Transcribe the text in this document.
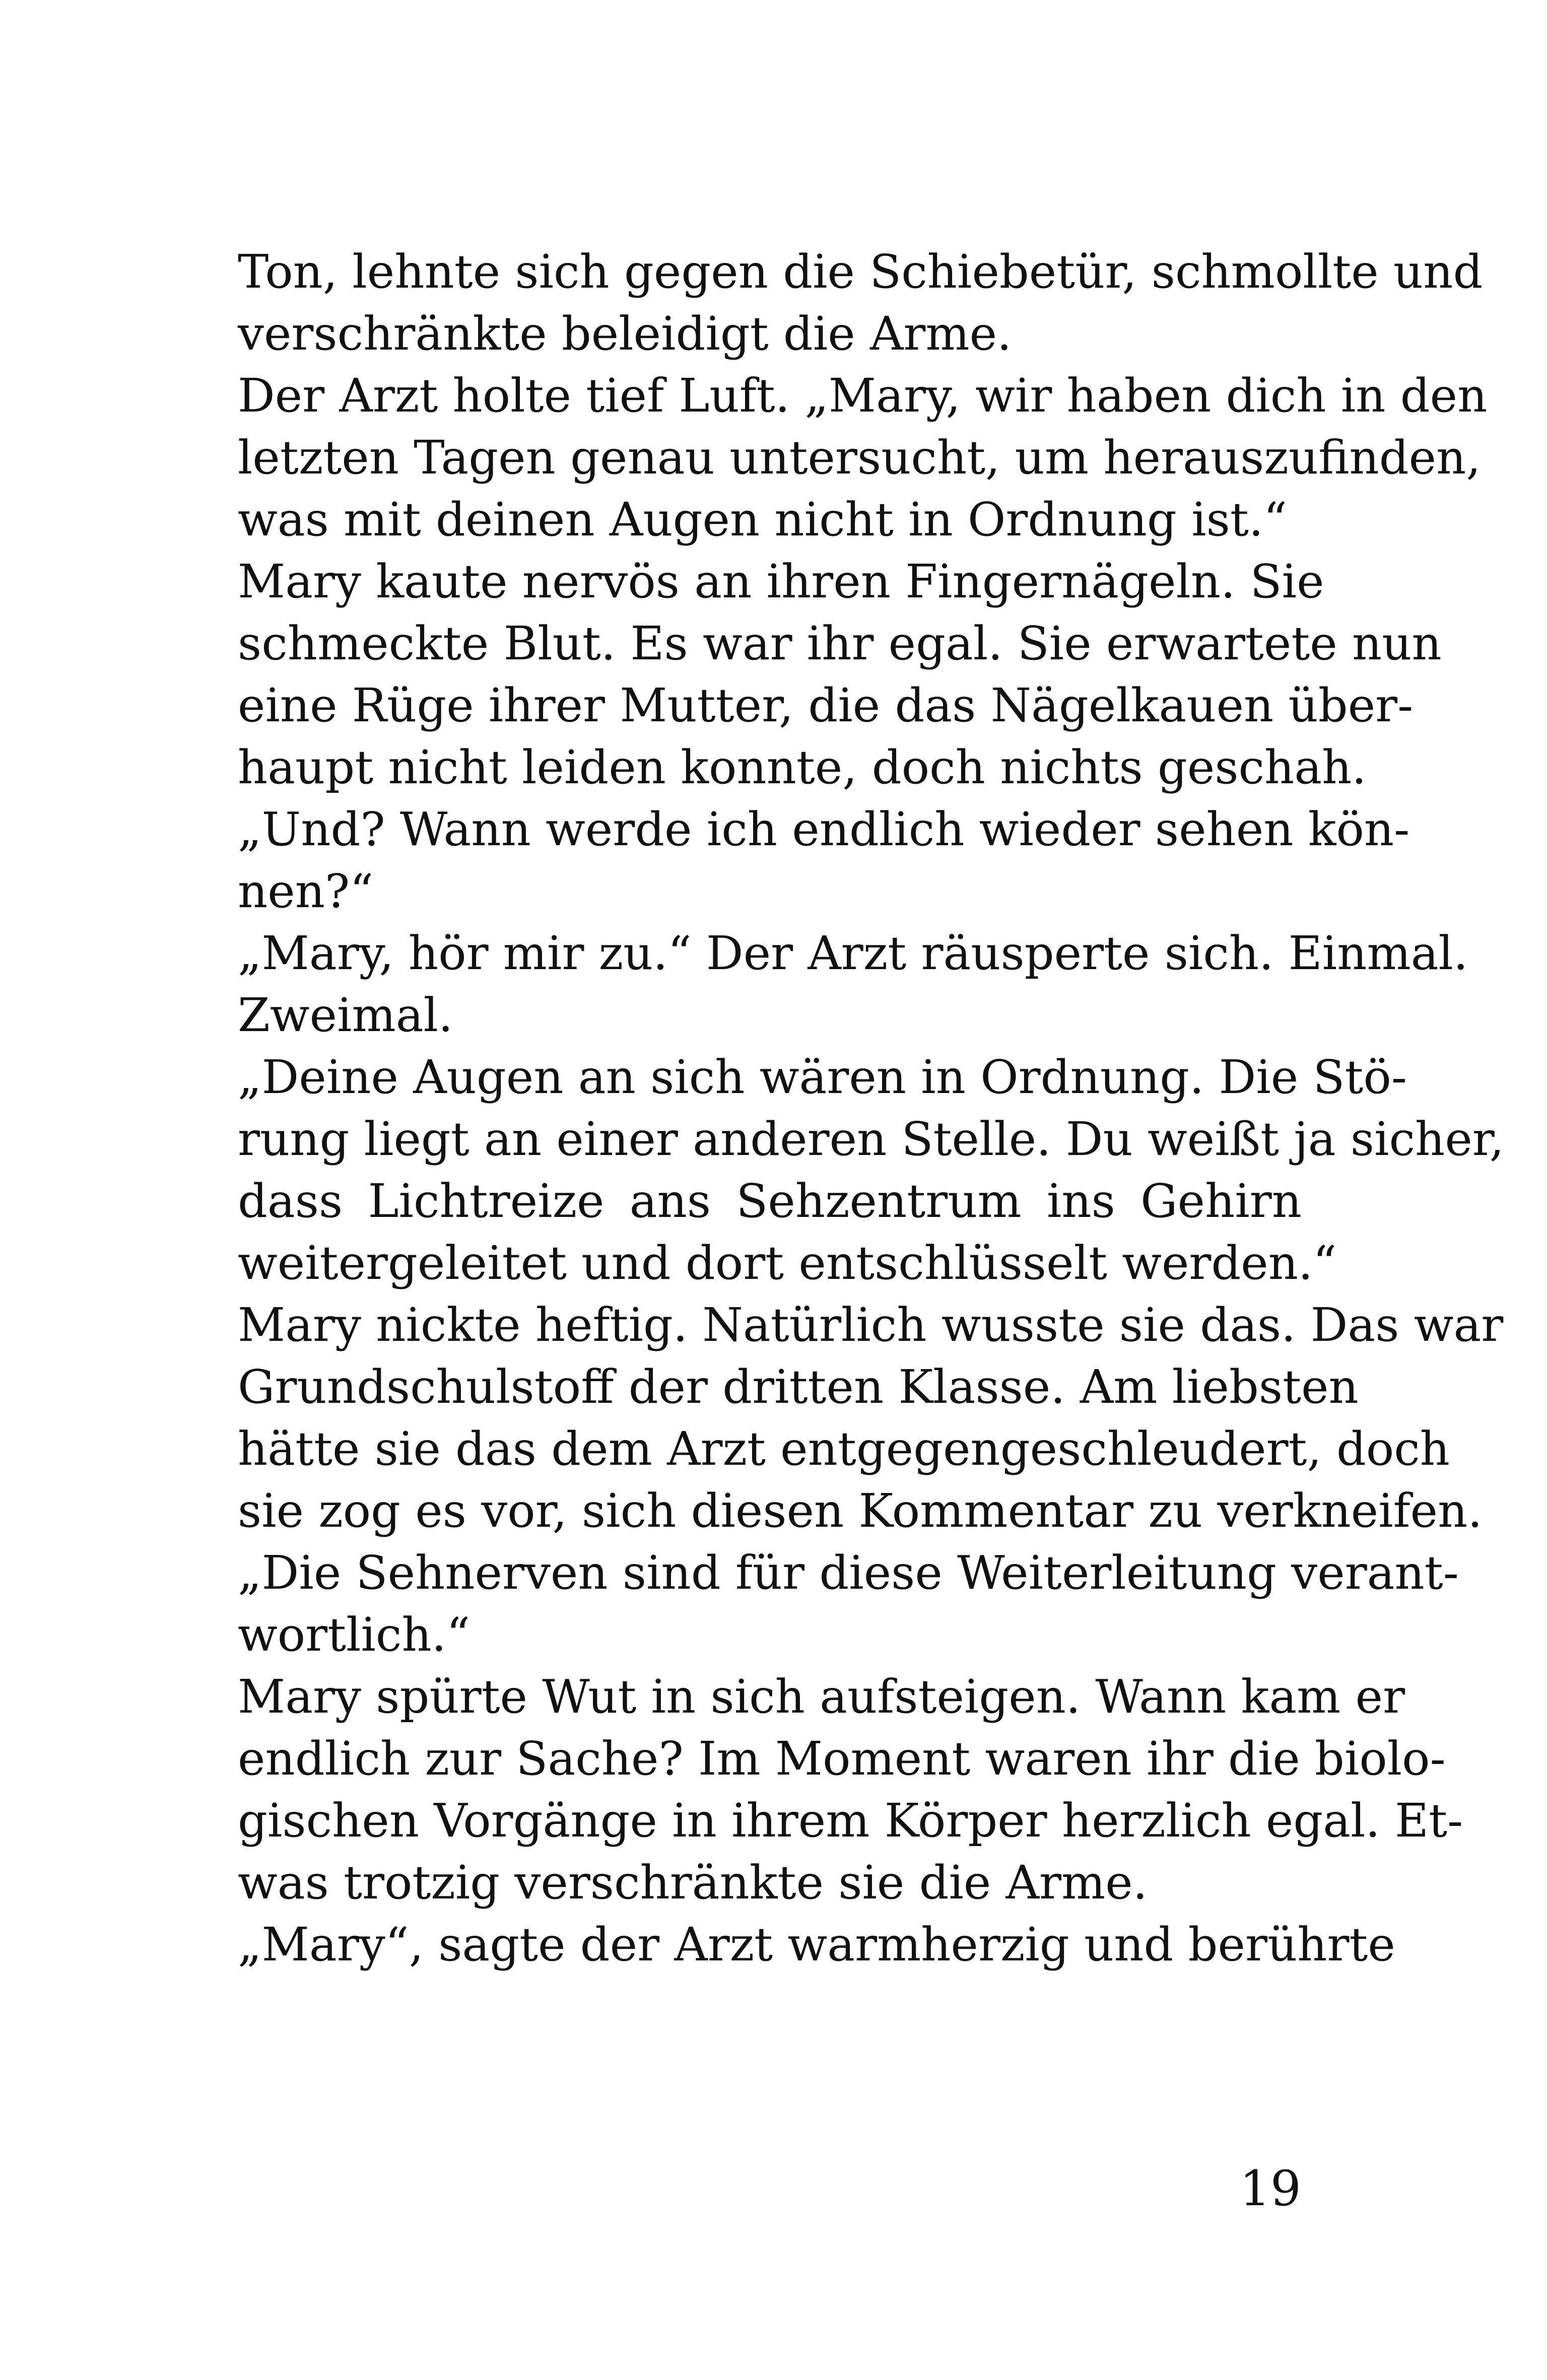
Ton, lehnte sich gegen die Schiebetür, schmollte und
verschränkte beleidigt die Arme.
Der Arzt holte tief Luft. „Mary, wir haben dich in den
letzten Tagen genau untersucht, um herauszufinden,
was mit deinen Augen nicht in Ordnung ist.“
Mary kaute nervös an ihren Fingernägeln. Sie
schmeckte Blut. Es war ihr egal. Sie erwartete nun
eine Rüge ihrer Mutter, die das Nägelkauen über-
haupt nicht leiden konnte, doch nichts geschah.
„Und? Wann werde ich endlich wieder sehen kön-
nen?“
„Mary, hör mir zu.“ Der Arzt räusperte sich. Einmal.
Zweimal.
„Deine Augen an sich wären in Ordnung. Die Stö-
rung liegt an einer anderen Stelle. Du weißt ja sicher,
dass Lichtreize ans Sehzentrum ins Gehirn
weitergeleitet und dort entschlüsselt werden.“
Mary nickte heftig. Natürlich wusste sie das. Das war
Grundschulstoff der dritten Klasse. Am liebsten
hätte sie das dem Arzt entgegengeschleudert, doch
sie zog es vor, sich diesen Kommentar zu verkneifen.
„Die Sehnerven sind für diese Weiterleitung verant-
wortlich.“
Mary spürte Wut in sich aufsteigen. Wann kam er
endlich zur Sache? Im Moment waren ihr die biolo-
gischen Vorgänge in ihrem Körper herzlich egal. Et-
was trotzig verschränkte sie die Arme.
„Mary“, sagte der Arzt warmherzig und berührte
19
